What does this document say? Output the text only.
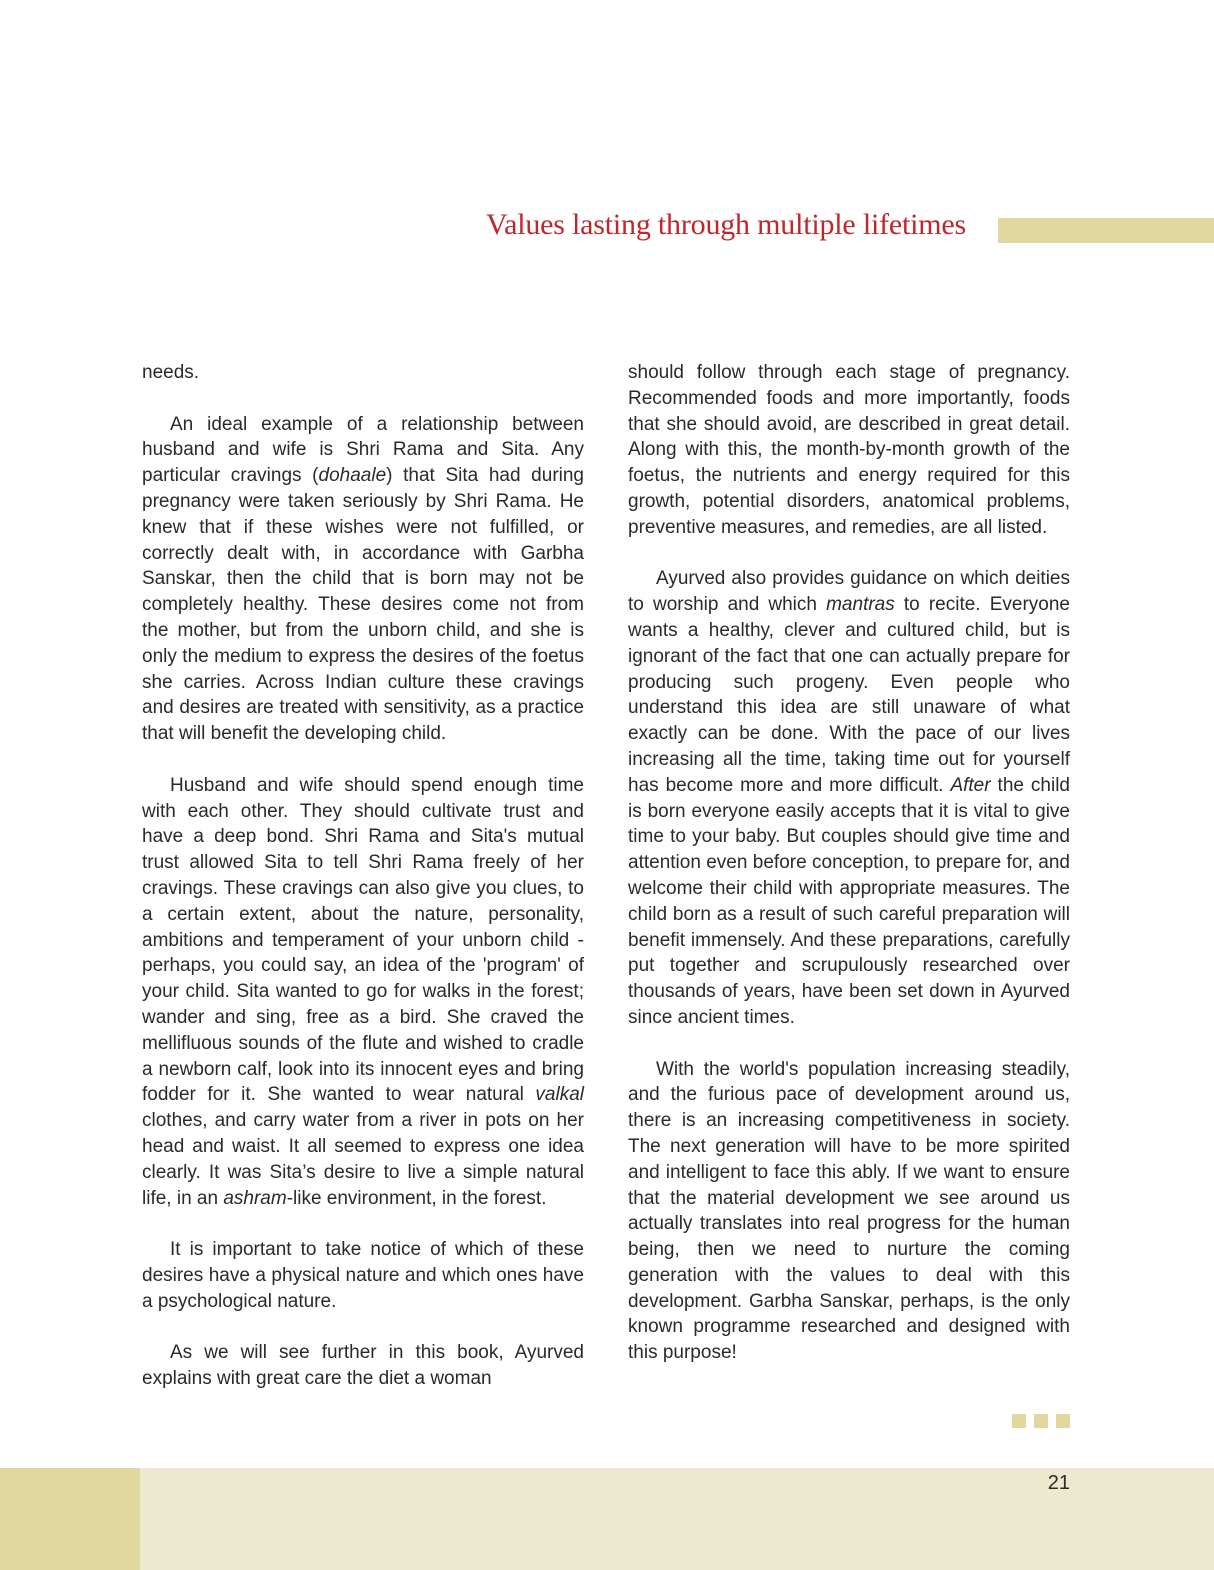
Values lasting through multiple lifetimes

needs.

An ideal example of a relationship between husband and wife is Shri Rama and Sita. Any particular cravings (dohaale) that Sita had during pregnancy were taken seriously by Shri Rama. He knew that if these wishes were not fulfilled, or correctly dealt with, in accordance with Garbha Sanskar, then the child that is born may not be completely healthy. These desires come not from the mother, but from the unborn child, and she is only the medium to express the desires of the foetus she carries. Across Indian culture these cravings and desires are treated with sensitivity, as a practice that will benefit the developing child.

Husband and wife should spend enough time with each other. They should cultivate trust and have a deep bond. Shri Rama and Sita's mutual trust allowed Sita to tell Shri Rama freely of her cravings. These cravings can also give you clues, to a certain extent, about the nature, personality, ambitions and temperament of your unborn child - perhaps, you could say, an idea of the 'program' of your child. Sita wanted to go for walks in the forest; wander and sing, free as a bird. She craved the mellifluous sounds of the flute and wished to cradle a newborn calf, look into its innocent eyes and bring fodder for it. She wanted to wear natural valkal clothes, and carry water from a river in pots on her head and waist. It all seemed to express one idea clearly. It was Sita’s desire to live a simple natural life, in an ashram-like environment, in the forest.

It is important to take notice of which of these desires have a physical nature and which ones have a psychological nature.

As we will see further in this book, Ayurved explains with great care the diet a woman

should follow through each stage of pregnancy. Recommended foods and more importantly, foods that she should avoid, are described in great detail. Along with this, the month-by-month growth of the foetus, the nutrients and energy required for this growth, potential disorders, anatomical problems, preventive measures, and remedies, are all listed.

Ayurved also provides guidance on which deities to worship and which mantras to recite. Everyone wants a healthy, clever and cultured child, but is ignorant of the fact that one can actually prepare for producing such progeny. Even people who understand this idea are still unaware of what exactly can be done. With the pace of our lives increasing all the time, taking time out for yourself has become more and more difficult. After the child is born everyone easily accepts that it is vital to give time to your baby. But couples should give time and attention even before conception, to prepare for, and welcome their child with appropriate measures. The child born as a result of such careful preparation will benefit immensely. And these preparations, carefully put together and scrupulously researched over thousands of years, have been set down in Ayurved since ancient times.

With the world's population increasing steadily, and the furious pace of development around us, there is an increasing competitiveness in society. The next generation will have to be more spirited and intelligent to face this ably. If we want to ensure that the material development we see around us actually translates into real progress for the human being, then we need to nurture the coming generation with the values to deal with this development. Garbha Sanskar, perhaps, is the only known programme researched and designed with this purpose!

21
